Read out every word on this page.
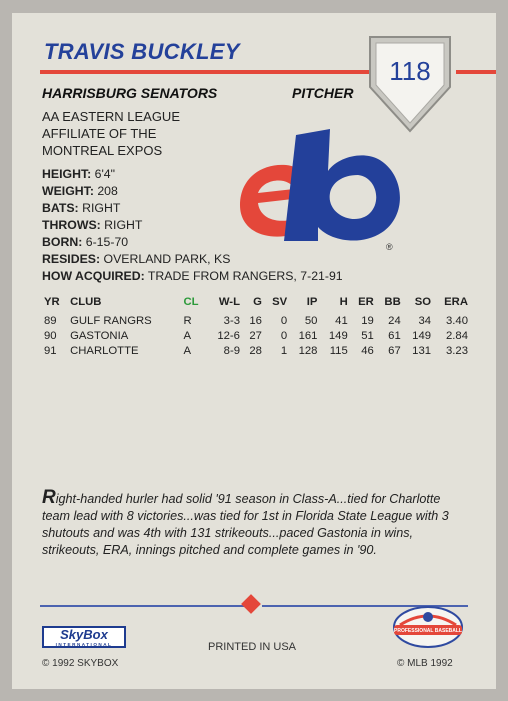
TRAVIS BUCKLEY
118
HARRISBURG SENATORS	PITCHER
AA EASTERN LEAGUE
AFFILIATE OF THE
MONTREAL EXPOS
HEIGHT: 6'4"
WEIGHT: 208
BATS: RIGHT
THROWS: RIGHT
BORN: 6-15-70
RESIDES: OVERLAND PARK, KS
HOW ACQUIRED: TRADE FROM RANGERS, 7-21-91
®
YR	CLUB	CL	W-L	G	SV	IP	H	ER	BB	SO	ERA
89	GULF RANGRS	R	3-3	16	0	50	41	19	24	34	3.40
90	GASTONIA	A	12-6	27	0	161	149	51	61	149	2.84
91	CHARLOTTE	A	8-9	28	1	128	115	46	67	131	3.23
Right-handed hurler had solid '91 season in Class-A...tied for Charlotte team lead with 8 victories...was tied for 1st in Florida State League with 3 shutouts and was 4th with 131 strikeouts...paced Gastonia in wins, strikeouts, ERA, innings pitched and complete games in '90.
SkyBox
INTERNATIONAL
© 1992 SKYBOX
PRINTED IN USA
PROFESSIONAL BASEBALL
© MLB 1992
